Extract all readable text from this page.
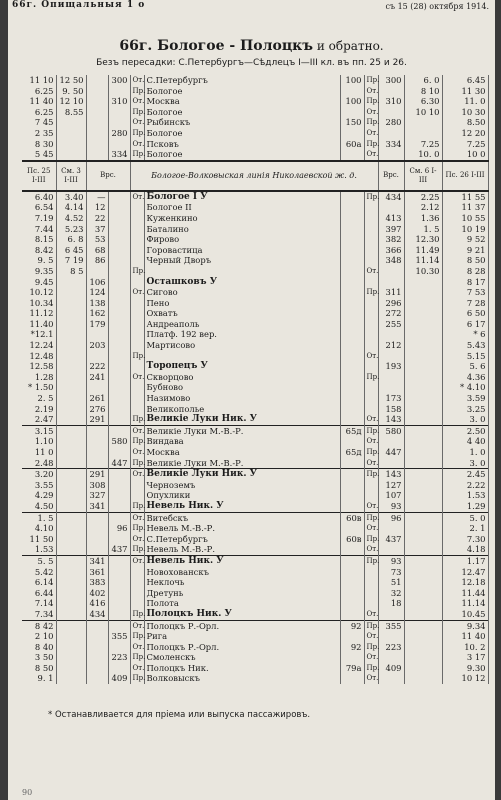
66г. Опищальныя 1 о	съ 15 (28) октября 1914.
66г. Бологое - Полоцкъ и обратно.
Безъ пересадки: С.Петербургъ—Сѣдлецъ I—III кл. въ пп. 25 и 26.
11 10	12 50		300	От.	С.Петербургъ	100	Пр.	300	6. 0	6.45
6.25	9. 50			Пр.	Бологое		От.		8 10	11 30
11 40	12 10		310	От.	Москва	100	Пр.	310	6.30	11. 0
6.25	8.55			Пр.	Бологое		От.		10 10	10 30
7 45				От.	Рыбинскъ	150	Пр.	280		8.50
2 35			280	Пр.	Бологое		От.			12 20
8 30				От.	Псковъ	60а	Пр.	334	7.25	7.25
5 45			334	Пр.	Бологое		От.		10. 0	10 0
Пс. 25 I-III	См. 3 I-III	Врс.		Бологое-Волковыская линія Николаевской ж. д.				Врс.	См. 6 I-III	Пс. 26 I-III
6.40	3.40	—		От.	Бологое I У		Пр.	434	2.25	11 55
6.54	4.14	12			Бологое II				2.12	11 37
7.19	4.52	22			Куженкино			413	1.36	10 55
7.44	5.23	37			Баталино			397	1. 5	10 19
8.15	6. 8	53			Фирово			382	12.30	9 52
8.42	6 45	68			Горовастица			366	11.49	9 21
9. 5	7 19	86			Черный Дворъ			348	11.14	8 50
9.35	8 5			Пр.			От.		10.30	8 28
9.45		106			Осташковъ У					8 17
10.12		124		От.	Сигово		Пр.	311		7 53
10.34		138			Пено			296		7 28
11.12		162			Охватъ			272		6 50
11.40		179			Андреаполь			255		6 17
*12.1					Платф. 192 вер.					* 6
12.24		203			Мартисово			212		5.43
12.48				Пр.			От.			5.15
12.58		222			Торопецъ У			193		5. 6
1.28		241		От.	Скворцово		Пр.			4.36
* 1.50					Бубново					* 4.10
2. 5		261			Назимово			173		3.59
2.19		276			Великополье			158		3.25
2.47		291		Пр.	Великіе Луки Ник. У		От.	143		3. 0
3.15				От.	Великіе Луки М.-В.-Р.	65д	Пр.	580		2.50
1.10			580	Пр.	Виндава		От.			4 40
11 0				От.	Москва	65д	Пр.	447		1. 0
2.48			447	Пр.	Великіе Луки М.-В.-Р.		От.			3. 0
3.20		291		От.	Великіе Луки Ник. У		Пр.	143		2.45
3.55		308			Черноземъ			127		2.22
4.29		327			Опухлики			107		1.53
4.50		341		Пр.	Невель Ник. У		От.	93		1.29
1. 5				От.	Витебскъ	60в	Пр.	96		5. 0
4.10			96	Пр.	Невель М.-В.-Р.		От.			2. 1
11 50				От.	С.Петербургъ	60в	Пр.	437		7.30
1.53			437	Пр.	Невель М.-В.-Р.		От.			4.18
5. 5		341		От.	Невель Ник. У		Пр.	93		1.17
5.42		361			Новохованскъ			73		12.47
6.14		383			Неклочь			51		12.18
6.44		402			Дретунь			32		11.44
7.14		416			Полота			18		11.14
7.34		434		Пр.	Полоцкъ Ник. У		От.			10.45
8 42				От.	Полоцкъ Р.-Орл.	92	Пр.	355		9.34
2 10			355	Пр.	Рига		От.			11 40
8 40				От.	Полоцкъ Р.-Орл.	92	Пр.	223		10. 2
3 50			223	Пр.	Смоленскъ		От.			3 17
8 50				От.	Полоцкъ Ник.	79а	Пр.	409		9.30
9. 1			409	Пр.	Волковыскъ		От.			10 12
* Останавливается для пріема или выпуска пассажировъ.
90
